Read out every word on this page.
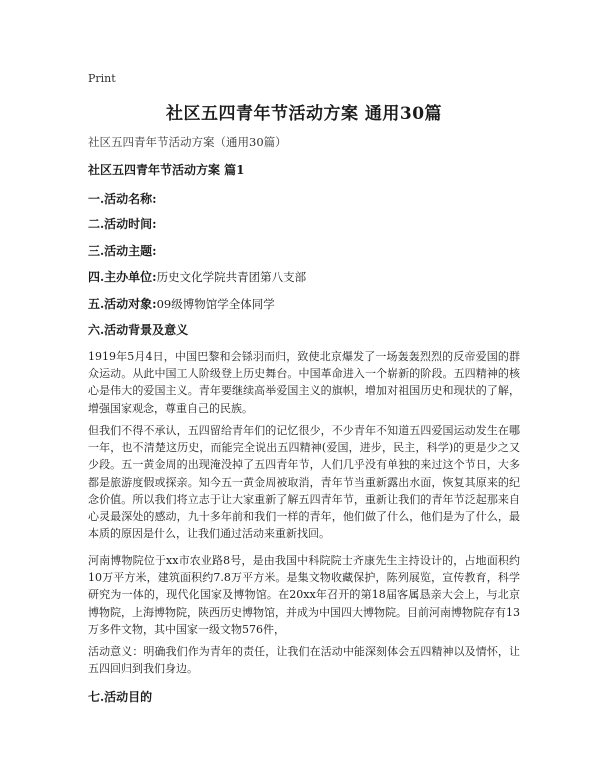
Print
社区五四青年节活动方案 通用30篇

社区五四青年节活动方案（通用30篇）

社区五四青年节活动方案 篇1

一.活动名称:

二.活动时间:

三.活动主题:

四.主办单位:历史文化学院共青团第八支部

五.活动对象:09级博物馆学全体同学

六.活动背景及意义

1919年5月4日，中国巴黎和会铩羽而归，致使北京爆发了一场轰轰烈烈的反帝爱国的群众运动。从此中国工人阶级登上历史舞台。中国革命进入一个崭新的阶段。五四精神的核心是伟大的爱国主义。青年要继续高举爱国主义的旗帜，增加对祖国历史和现状的了解，增强国家观念，尊重自己的民族。

但我们不得不承认，五四留给青年们的记忆很少，不少青年不知道五四爱国运动发生在哪一年，也不清楚这历史，而能完全说出五四精神(爱国，进步，民主，科学)的更是少之又少段。五一黄金周的出现淹没掉了五四青年节，人们几乎没有单独的来过这个节日，大多都是旅游度假或探亲。知今五一黄金周被取消，青年节当重新露出水面，恢复其原来的纪念价值。所以我们将立志于让大家重新了解五四青年节，重新让我们的青年节泛起那来自心灵最深处的感动，九十多年前和我们一样的青年，他们做了什么，他们是为了什么，最本质的原因是什么，让我们通过活动来重新找回。

河南博物院位于xx市农业路8号，是由我国中科院院士齐康先生主持设计的，占地面积约10万平方米，建筑面积约7.8万平方米。是集文物收藏保护，陈列展览，宣传教育，科学研究为一体的，现代化国家及博物馆。在20xx年召开的第18届客属恳亲大会上，与北京博物院，上海博物院，陕西历史博物馆，并成为中国四大博物院。目前河南博物院存有13万多件文物，其中国家一级文物576件，

活动意义：明确我们作为青年的责任，让我们在活动中能深刻体会五四精神以及情怀，让五四回归到我们身边。

七.活动目的
